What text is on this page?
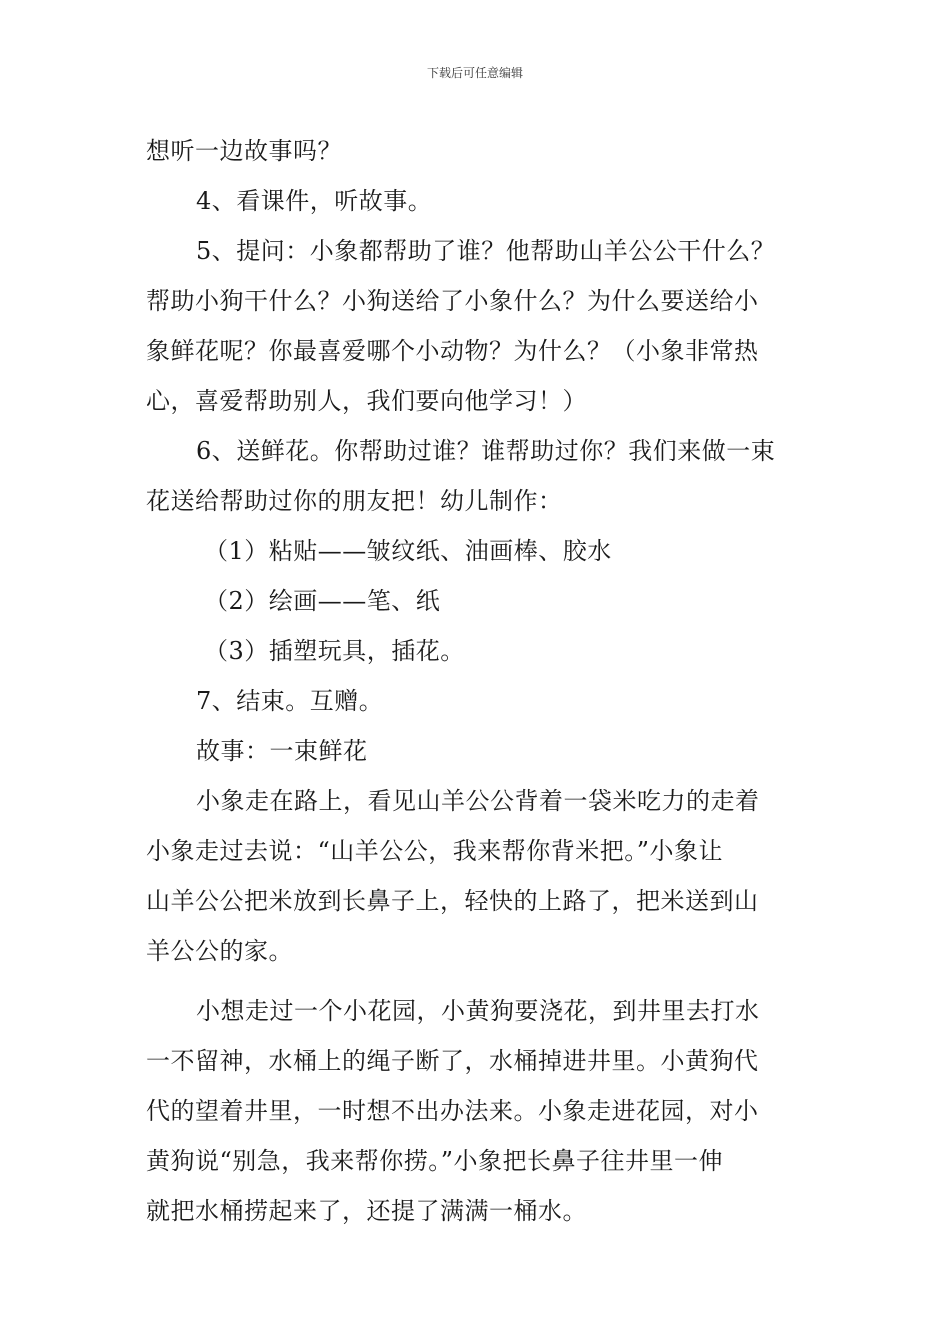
下载后可任意编辑
想听一边故事吗？
4、看课件，听故事。
5、提问：小象都帮助了谁？他帮助山羊公公干什么？
帮助小狗干什么？小狗送给了小象什么？为什么要送给小
象鲜花呢？你最喜爱哪个小动物？为什么？（小象非常热
心，喜爱帮助别人，我们要向他学习！）
6、送鲜花。你帮助过谁？谁帮助过你？我们来做一束
花送给帮助过你的朋友把！幼儿制作：
（1）粘贴——皱纹纸、油画棒、胶水
（2）绘画——笔、纸
（3）插塑玩具，插花。
7、结束。互赠。
故事：一束鲜花
小象走在路上，看见山羊公公背着一袋米吃力的走着
小象走过去说：“山羊公公，我来帮你背米把。”小象让
山羊公公把米放到长鼻子上，轻快的上路了，把米送到山
羊公公的家。
小想走过一个小花园，小黄狗要浇花，到井里去打水
一不留神，水桶上的绳子断了，水桶掉进井里。小黄狗代
代的望着井里，一时想不出办法来。小象走进花园，对小
黄狗说“别急，我来帮你捞。”小象把长鼻子往井里一伸
就把水桶捞起来了，还提了满满一桶水。
